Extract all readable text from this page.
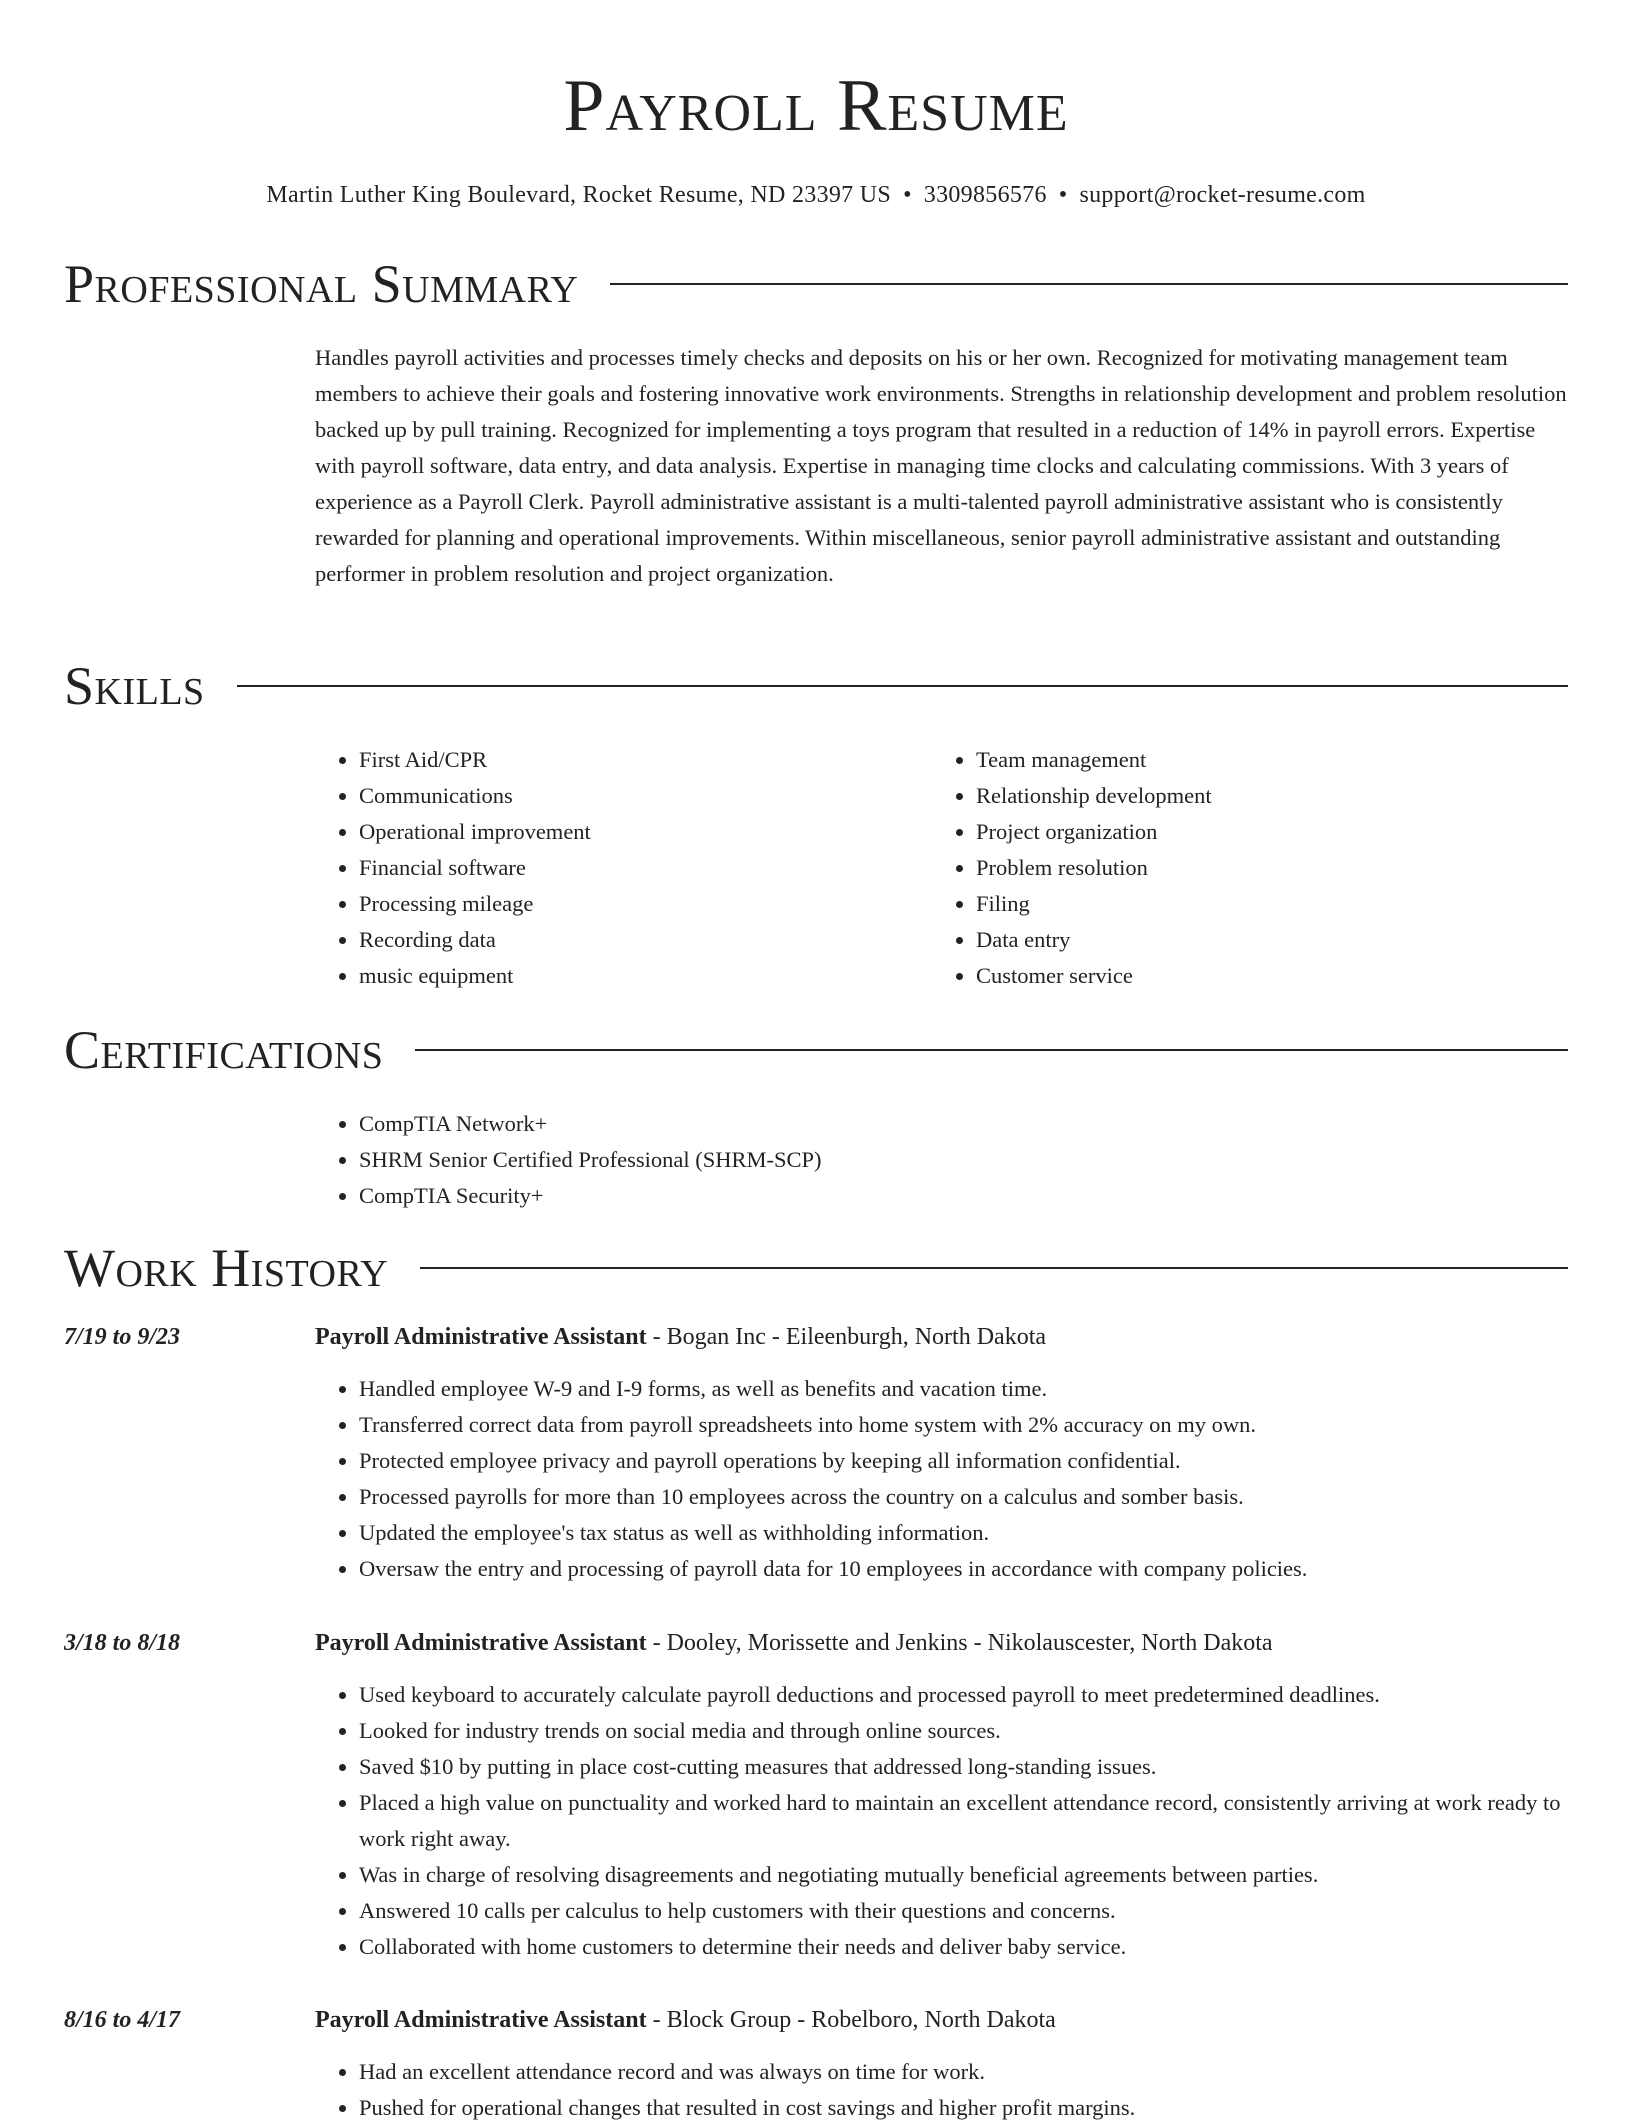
Payroll Resume
Martin Luther King Boulevard, Rocket Resume, ND 23397 US • 3309856576 • support@rocket-resume.com
Professional Summary

Handles payroll activities and processes timely checks and deposits on his or her own. Recognized for motivating management team members to achieve their goals and fostering innovative work environments. Strengths in relationship development and problem resolution backed up by pull training. Recognized for implementing a toys program that resulted in a reduction of 14% in payroll errors. Expertise with payroll software, data entry, and data analysis. Expertise in managing time clocks and calculating commissions. With 3 years of experience as a Payroll Clerk. Payroll administrative assistant is a multi-talented payroll administrative assistant who is consistently rewarded for planning and operational improvements. Within miscellaneous, senior payroll administrative assistant and outstanding performer in problem resolution and project organization.

Skills
• First Aid/CPR
• Communications
• Operational improvement
• Financial software
• Processing mileage
• Recording data
• music equipment
• Team management
• Relationship development
• Project organization
• Problem resolution
• Filing
• Data entry
• Customer service
Certifications
• CompTIA Network+
• SHRM Senior Certified Professional (SHRM-SCP)
• CompTIA Security+
Work History
7/19 to 9/23	Payroll Administrative Assistant - Bogan Inc - Eileenburgh, North Dakota
• Handled employee W-9 and I-9 forms, as well as benefits and vacation time.
• Transferred correct data from payroll spreadsheets into home system with 2% accuracy on my own.
• Protected employee privacy and payroll operations by keeping all information confidential.
• Processed payrolls for more than 10 employees across the country on a calculus and somber basis.
• Updated the employee's tax status as well as withholding information.
• Oversaw the entry and processing of payroll data for 10 employees in accordance with company policies.
3/18 to 8/18	Payroll Administrative Assistant - Dooley, Morissette and Jenkins - Nikolauscester, North Dakota
• Used keyboard to accurately calculate payroll deductions and processed payroll to meet predetermined deadlines.
• Looked for industry trends on social media and through online sources.
• Saved $10 by putting in place cost-cutting measures that addressed long-standing issues.
• Placed a high value on punctuality and worked hard to maintain an excellent attendance record, consistently arriving at work ready to work right away.
• Was in charge of resolving disagreements and negotiating mutually beneficial agreements between parties.
• Answered 10 calls per calculus to help customers with their questions and concerns.
• Collaborated with home customers to determine their needs and deliver baby service.
8/16 to 4/17	Payroll Administrative Assistant - Block Group - Robelboro, North Dakota
• Had an excellent attendance record and was always on time for work.
• Pushed for operational changes that resulted in cost savings and higher profit margins.
